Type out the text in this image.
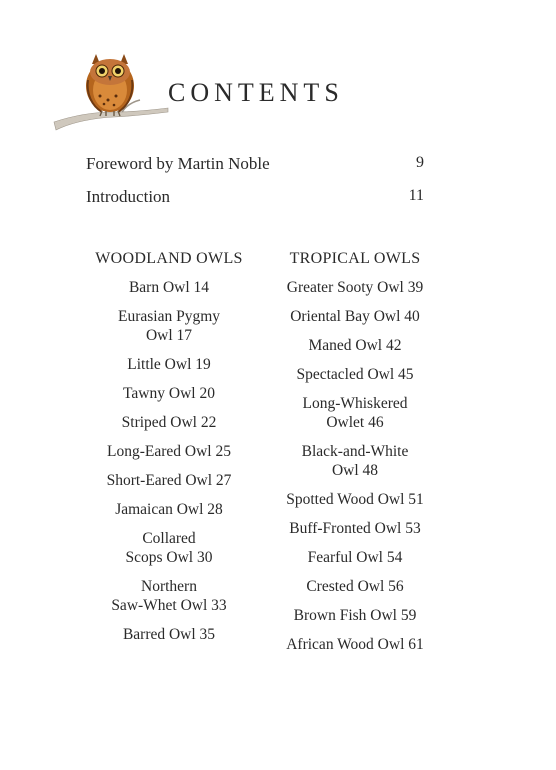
CONTENTS
Foreword by Martin Noble	9
Introduction	11
WOODLAND OWLS
Barn Owl 14
Eurasian Pygmy
Owl 17
Little Owl 19
Tawny Owl 20
Striped Owl 22
Long-Eared Owl 25
Short-Eared Owl 27
Jamaican Owl 28
Collared
Scops Owl 30
Northern
Saw-Whet Owl 33
Barred Owl 35
TROPICAL OWLS
Greater Sooty Owl 39
Oriental Bay Owl 40
Maned Owl 42
Spectacled Owl 45
Long-Whiskered
Owlet 46
Black-and-White
Owl 48
Spotted Wood Owl 51
Buff-Fronted Owl 53
Fearful Owl 54
Crested Owl 56
Brown Fish Owl 59
African Wood Owl 61
